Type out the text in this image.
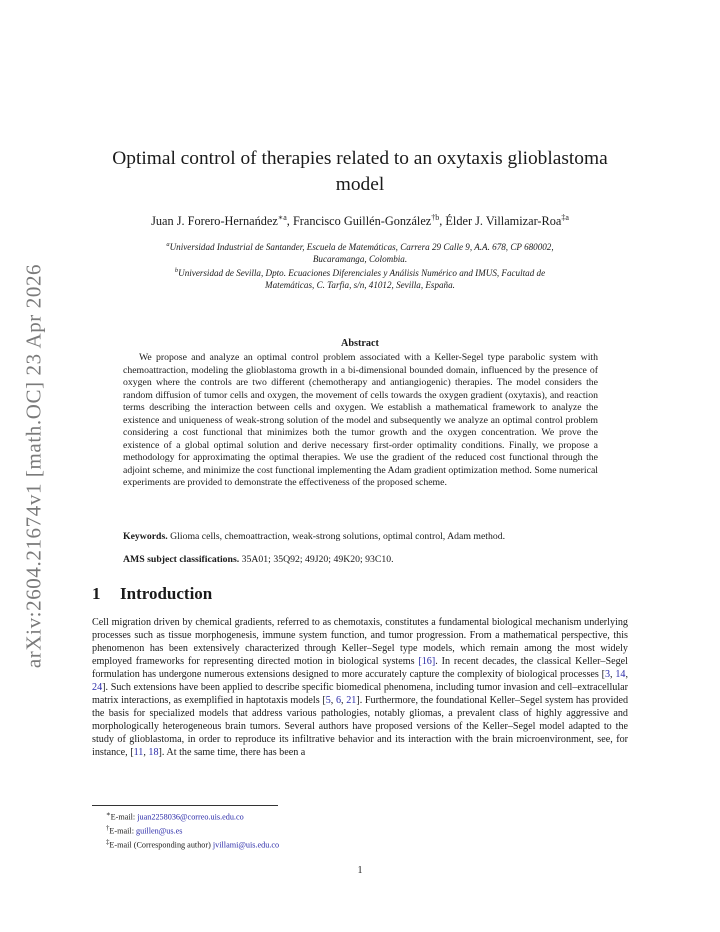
arXiv:2604.21674v1 [math.OC] 23 Apr 2026
Optimal control of therapies related to an oxytaxis glioblastoma
model
Juan J. Forero-Hernańdez$^{∗a}$, Francisco Guillén-González$^{\dagger b}$, Élder J. Villamizar-Roa$^{\ddagger a}$
$^a$Universidad Industrial de Santander, Escuela de Matemáticas, Carrera 29 Calle 9, A.A. 678, CP 680002,
Bucaramanga, Colombia.
$^b$Universidad de Sevilla, Dpto. Ecuaciones Diferenciales y Análisis Numérico and IMUS, Facultad de
Matemáticas, C. Tarfia, s/n, 41012, Sevilla, España.
Abstract
We propose and analyze an optimal control problem associated with a Keller-Segel type parabolic system with chemoattraction, modeling the glioblastoma growth in a bi-dimensional bounded domain, influenced by the presence of oxygen where the controls are two different (chemotherapy and antiangiogenic) therapies. The model considers the random diffusion of tumor cells and oxygen, the movement of cells towards the oxygen gradient (oxytaxis), and reaction terms describing the interaction between cells and oxygen. We establish a mathematical framework to analyze the existence and uniqueness of weak-strong solution of the model and subsequently we analyze an optimal control problem considering a cost functional that minimizes both the tumor growth and the oxygen concentration. We prove the existence of a global optimal solution and derive necessary first-order optimality conditions. Finally, we propose a methodology for approximating the optimal therapies. We use the gradient of the reduced cost functional through the adjoint scheme, and minimize the cost functional implementing the Adam gradient optimization method. Some numerical experiments are provided to demonstrate the effectiveness of the proposed scheme.
Keywords. Glioma cells, chemoattraction, weak-strong solutions, optimal control, Adam method.
AMS subject classifications. 35A01; 35Q92; 49J20; 49K20; 93C10.
1 Introduction
Cell migration driven by chemical gradients, referred to as chemotaxis, constitutes a fundamental biological mechanism underlying processes such as tissue morphogenesis, immune system function, and tumor progression. From a mathematical perspective, this phenomenon has been extensively characterized through Keller–Segel type models, which remain among the most widely employed frameworks for representing directed motion in biological systems [16]. In recent decades, the classical Keller–Segel formulation has undergone numerous extensions designed to more accurately capture the complexity of biological processes [3, 14, 24]. Such extensions have been applied to describe specific biomedical phenomena, including tumor invasion and cell–extracellular matrix interactions, as exemplified in haptotaxis models [5, 6, 21]. Furthermore, the foundational Keller–Segel system has provided the basis for specialized models that address various pathologies, notably gliomas, a prevalent class of highly aggressive and morphologically heterogeneous brain tumors. Several authors have proposed versions of the Keller–Segel model adapted to the study of glioblastoma, in order to reproduce its infiltrative behavior and its interaction with the brain microenvironment, see, for instance, [11, 18]. At the same time, there has been a
∗E-mail: juan2258036@correo.uis.edu.co
†E-mail: guillen@us.es
‡E-mail (Corresponding author) jvillami@uis.edu.co
1
